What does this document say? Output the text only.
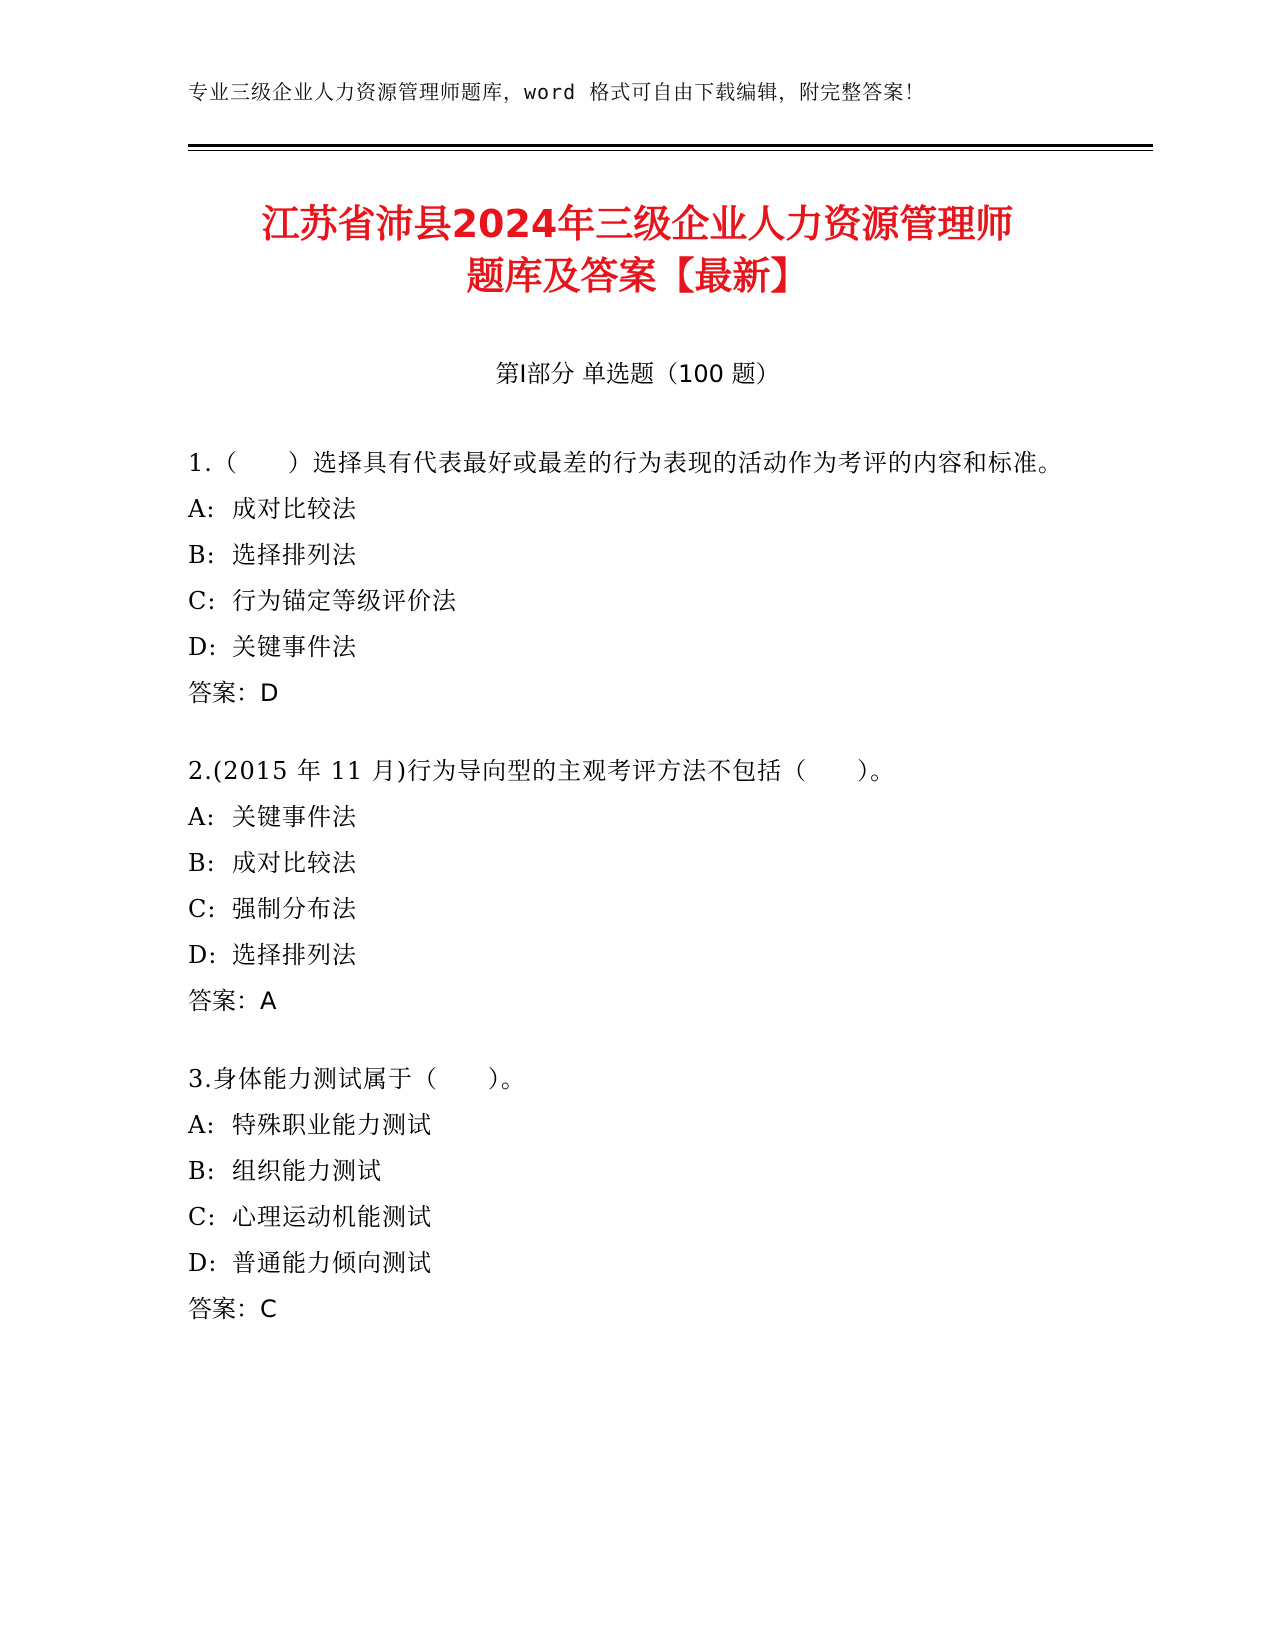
专业三级企业人力资源管理师题库，word 格式可自由下载编辑，附完整答案！
江苏省沛县2024年三级企业人力资源管理师
题库及答案【最新】
第Ⅰ部分 单选题（100 题）

1.（　　）选择具有代表最好或最差的行为表现的活动作为考评的内容和标准。

A: 成对比较法

B: 选择排列法

C: 行为锚定等级评价法

D: 关键事件法

答案：D

2.(2015 年 11 月)行为导向型的主观考评方法不包括（　　）。

A: 关键事件法

B: 成对比较法

C: 强制分布法

D: 选择排列法

答案：A

3.身体能力测试属于（　　）。

A: 特殊职业能力测试

B: 组织能力测试

C: 心理运动机能测试

D: 普通能力倾向测试

答案：C
